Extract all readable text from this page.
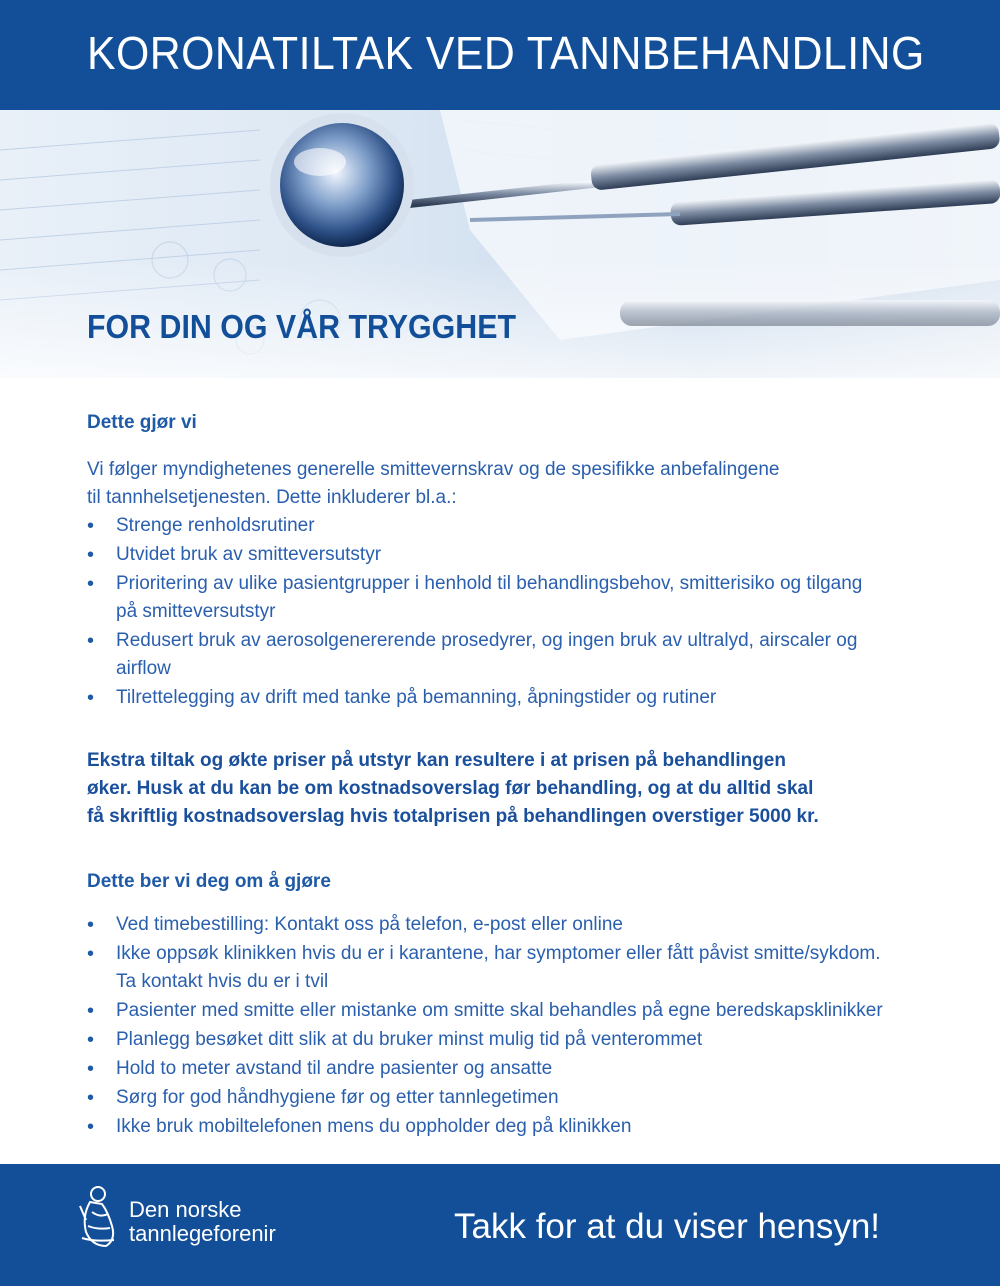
KORONATILTAK VED TANNBEHANDLING
FOR DIN OG VÅR TRYGGHET

Dette gjør vi

Vi følger myndighetenes generelle smittevernskrav og de spesifikke anbefalingene

til tannhelsetjenesten. Dette inkluderer bl.a.:

• Strenge renholdsrutiner
• Utvidet bruk av smitteversutstyr
• Prioritering av ulike pasientgrupper i henhold til behandlingsbehov, smitterisiko og tilgang
på smitteversutstyr
• Redusert bruk av aerosolgenererende prosedyrer, og ingen bruk av ultralyd, airscaler og
airflow
• Tilrettelegging av drift med tanke på bemanning, åpningstider og rutiner

Ekstra tiltak og økte priser på utstyr kan resultere i at prisen på behandlingen

øker. Husk at du kan be om kostnadsoverslag før behandling, og at du alltid skal

få skriftlig kostnadsoverslag hvis totalprisen på behandlingen overstiger 5000 kr.

Dette ber vi deg om å gjøre

• Ved timebestilling: Kontakt oss på telefon, e-post eller online
• Ikke oppsøk klinikken hvis du er i karantene, har symptomer eller fått påvist smitte/sykdom.
Ta kontakt hvis du er i tvil
• Pasienter med smitte eller mistanke om smitte skal behandles på egne beredskapsklinikker
• Planlegg besøket ditt slik at du bruker minst mulig tid på venterommet
• Hold to meter avstand til andre pasienter og ansatte
• Sørg for god håndhygiene før og etter tannlegetimen
• Ikke bruk mobiltelefonen mens du oppholder deg på klinikken
Den norske
tannlegeforenir	Takk for at du viser hensyn!
